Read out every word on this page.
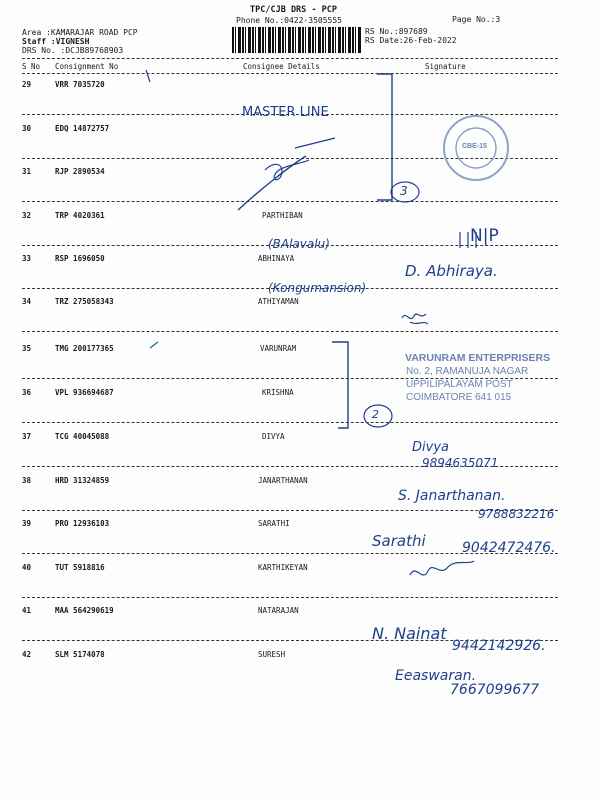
TPC/CJB DRS - PCP
Phone No.:0422-3505555	Page No.:3
Area :KAMARAJAR ROAD PCP
Staff :VIGNESH
DRS No. :DCJB89768903
RS No.:897689
RS Date:26-Feb-2022
S No Consignment No	Consignee Details	Signature
29	VRR 7035720
30	EDQ 14872757
31	RJP 2890534
32	TRP 4020361	PARTHIBAN
33	RSP 1696050	ABHINAYA
34	TRZ 275058343	ATHIYAMAN
35	TMG 200177365	VARUNRAM
36	VPL 936694687	KRISHNA
37	TCG 40045088	DIVYA
38	HRD 31324859	JANARTHANAN
39	PRO 12936103	SARATHI
40	TUT 5918816	KARTHIKEYAN
41	MAA 564290619	NATARAJAN
42	SLM 5174078	SURESH
MASTER LINE
3
(BAlavalu)	N|P
(Kongumansion)
D. Abhiraya.
2
Divya
9894635071
S. Janarthanan.
9788832216
Sarathi	9042472476.
N. Nainat
9442142926.
Eeaswaran.
7667099677
VARUNRAM ENTERPRISERS
No. 2, RAMANUJA NAGAR
UPPILIPALAYAM POST
COIMBATORE 641 015
CBE-15
